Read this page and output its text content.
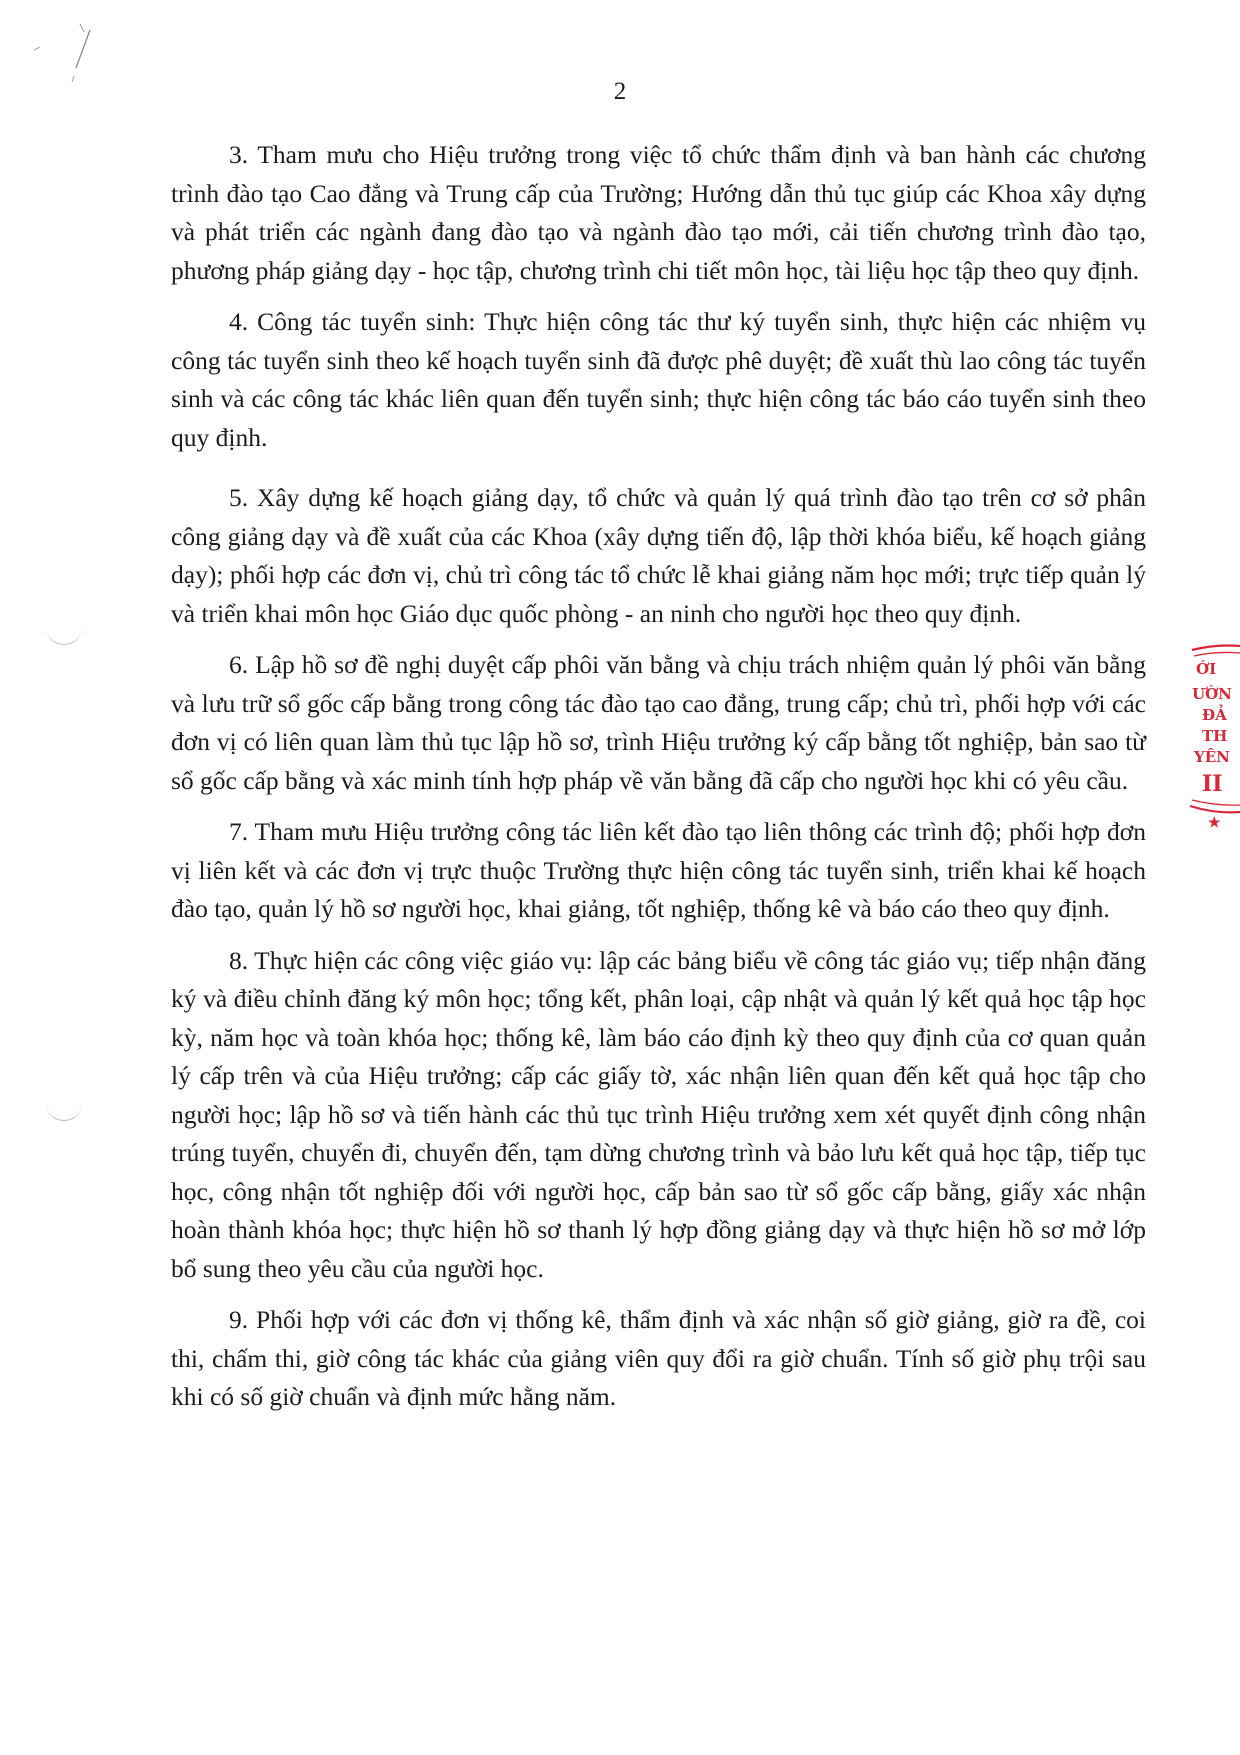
2

3. Tham mưu cho Hiệu trưởng trong việc tổ chức thẩm định và ban hành các chương trình đào tạo Cao đẳng và Trung cấp của Trường; Hướng dẫn thủ tục giúp các Khoa xây dựng và phát triển các ngành đang đào tạo và ngành đào tạo mới, cải tiến chương trình đào tạo, phương pháp giảng dạy - học tập, chương trình chi tiết môn học, tài liệu học tập theo quy định.

4. Công tác tuyển sinh: Thực hiện công tác thư ký tuyển sinh, thực hiện các nhiệm vụ công tác tuyển sinh theo kế hoạch tuyển sinh đã được phê duyệt; đề xuất thù lao công tác tuyển sinh và các công tác khác liên quan đến tuyển sinh; thực hiện công tác báo cáo tuyển sinh theo quy định.

5. Xây dựng kế hoạch giảng dạy, tổ chức và quản lý quá trình đào tạo trên cơ sở phân công giảng dạy và đề xuất của các Khoa (xây dựng tiến độ, lập thời khóa biểu, kế hoạch giảng dạy); phối hợp các đơn vị, chủ trì công tác tổ chức lễ khai giảng năm học mới; trực tiếp quản lý và triển khai môn học Giáo dục quốc phòng - an ninh cho người học theo quy định.

6. Lập hồ sơ đề nghị duyệt cấp phôi văn bằng và chịu trách nhiệm quản lý phôi văn bằng và lưu trữ sổ gốc cấp bằng trong công tác đào tạo cao đẳng, trung cấp; chủ trì, phối hợp với các đơn vị có liên quan làm thủ tục lập hồ sơ, trình Hiệu trưởng ký cấp bằng tốt nghiệp, bản sao từ sổ gốc cấp bằng và xác minh tính hợp pháp về văn bằng đã cấp cho người học khi có yêu cầu.

7. Tham mưu Hiệu trưởng công tác liên kết đào tạo liên thông các trình độ; phối hợp đơn vị liên kết và các đơn vị trực thuộc Trường thực hiện công tác tuyển sinh, triển khai kế hoạch đào tạo, quản lý hồ sơ người học, khai giảng, tốt nghiệp, thống kê và báo cáo theo quy định.

8. Thực hiện các công việc giáo vụ: lập các bảng biểu về công tác giáo vụ; tiếp nhận đăng ký và điều chỉnh đăng ký môn học; tổng kết, phân loại, cập nhật và quản lý kết quả học tập học kỳ, năm học và toàn khóa học; thống kê, làm báo cáo định kỳ theo quy định của cơ quan quản lý cấp trên và của Hiệu trưởng; cấp các giấy tờ, xác nhận liên quan đến kết quả học tập cho người học; lập hồ sơ và tiến hành các thủ tục trình Hiệu trưởng xem xét quyết định công nhận trúng tuyển, chuyển đi, chuyển đến, tạm dừng chương trình và bảo lưu kết quả học tập, tiếp tục học, công nhận tốt nghiệp đối với người học, cấp bản sao từ sổ gốc cấp bằng, giấy xác nhận hoàn thành khóa học; thực hiện hồ sơ thanh lý hợp đồng giảng dạy và thực hiện hồ sơ mở lớp bổ sung theo yêu cầu của người học.

9. Phối hợp với các đơn vị thống kê, thẩm định và xác nhận số giờ giảng, giờ ra đề, coi thi, chấm thi, giờ công tác khác của giảng viên quy đổi ra giờ chuẩn. Tính số giờ phụ trội sau khi có số giờ chuẩn và định mức hằng năm.

ỚI
ƯỜN
ĐẢ
TH
YÊN
II
★
